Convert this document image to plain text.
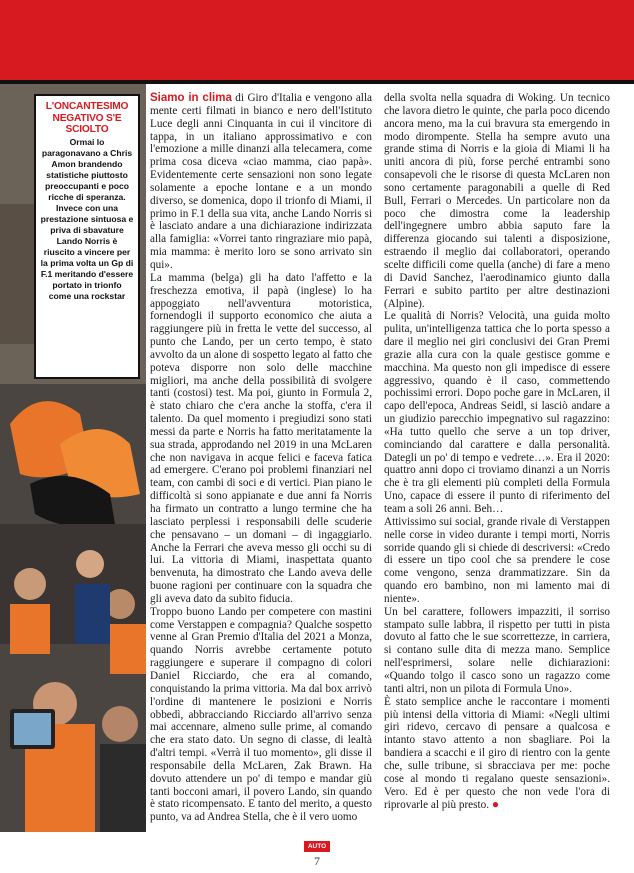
L'ONCANTESIMO NEGATIVO S'E SCIOLTO
Ormai lo paragonavano a Chris Amon brandendo statistiche piuttosto preoccupanti e poco ricche di speranza. Invece con una prestazione sintuosa e priva di sbavature Lando Norris è riuscito a vincere per la prima volta un Gp di F.1 meritando d'essere portato in trionfo come una rockstar

Siamo in clima di Giro d'Italia e vengono alla mente certi filmati in bianco e nero dell'Istituto Luce degli anni Cinquanta in cui il vincitore di tappa, in un italiano approssimativo e con l'emozione a mille dinanzi alla telecamera, come prima cosa diceva «ciao mamma, ciao papà». Evidentemente certe sensazioni non sono legate solamente a epoche lontane e a un mondo diverso, se domenica, dopo il trionfo di Miami, il primo in F.1 della sua vita, anche Lando Norris si è lasciato andare a una dichiarazione indirizzata alla famiglia: «Vorrei tanto ringraziare mio papà, mia mamma: è merito loro se sono arrivato sin qui».

La mamma (belga) gli ha dato l'affetto e la freschezza emotiva, il papà (inglese) lo ha appoggiato nell'avventura motoristica, fornendogli il supporto economico che aiuta a raggiungere più in fretta le vette del successo, al punto che Lando, per un certo tempo, è stato avvolto da un alone di sospetto legato al fatto che poteva disporre non solo delle macchine migliori, ma anche della possibilità di svolgere tanti (costosi) test. Ma poi, giunto in Formula 2, è stato chiaro che c'era anche la stoffa, c'era il talento. Da quel momento i pregiudizi sono stati messi da parte e Norris ha fatto meritatamente la sua strada, approdando nel 2019 in una McLaren che non navigava in acque felici e faceva fatica ad emergere. C'erano poi problemi finanziari nel team, con cambi di soci e di vertici. Pian piano le difficoltà si sono appianate e due anni fa Norris ha firmato un contratto a lungo termine che ha lasciato perplessi i responsabili delle scuderie che pensavano – un domani – di ingaggiarlo. Anche la Ferrari che aveva messo gli occhi su di lui. La vittoria di Miami, inaspettata quanto benvenuta, ha dimostrato che Lando aveva delle buone ragioni per continuare con la squadra che gli aveva dato da subito fiducia.

Troppo buono Lando per competere con mastini come Verstappen e compagnia? Qualche sospetto venne al Gran Premio d'Italia del 2021 a Monza, quando Norris avrebbe certamente potuto raggiungere e superare il compagno di colori Daniel Ricciardo, che era al comando, conquistando la prima vittoria. Ma dal box arrivò l'ordine di mantenere le posizioni e Norris obbedì, abbracciando Ricciardo all'arrivo senza mai accennare, almeno sulle prime, al comando che era stato dato. Un segno di classe, di lealtà d'altri tempi. «Verrà il tuo momento», gli disse il responsabile della McLaren, Zak Brawn. Ha dovuto attendere un po' di tempo e mandar giù tanti bocconi amari, il povero Lando, sin quando è stato ricompensato. E tanto del merito, a questo punto, va ad Andrea Stella, che è il vero uomo

della svolta nella squadra di Woking. Un tecnico che lavora dietro le quinte, che parla poco dicendo ancora meno, ma la cui bravura sta emergendo in modo dirompente. Stella ha sempre avuto una grande stima di Norris e la gioia di Miami li ha uniti ancora di più, forse perché entrambi sono consapevoli che le risorse di questa McLaren non sono certamente paragonabili a quelle di Red Bull, Ferrari o Mercedes. Un particolare non da poco che dimostra come la leadership dell'ingegnere umbro abbia saputo fare la differenza giocando sui talenti a disposizione, estraendo il meglio dai collaboratori, operando scelte difficili come quella (anche) di fare a meno di David Sanchez, l'aerodinamico giunto dalla Ferrari e subito partito per altre destinazioni (Alpine).

Le qualità di Norris? Velocità, una guida molto pulita, un'intelligenza tattica che lo porta spesso a dare il meglio nei giri conclusivi dei Gran Premi grazie alla cura con la quale gestisce gomme e macchina. Ma questo non gli impedisce di essere aggressivo, quando è il caso, commettendo pochissimi errori. Dopo poche gare in McLaren, il capo dell'epoca, Andreas Seidl, si lasciò andare a un giudizio parecchio impegnativo sul ragazzino: «Ha tutto quello che serve a un top driver, cominciando dal carattere e dalla personalità. Dategli un po' di tempo e vedrete…». Era il 2020: quattro anni dopo ci troviamo dinanzi a un Norris che è tra gli elementi più completi della Formula Uno, capace di essere il punto di riferimento del team a soli 26 anni. Beh…

Attivissimo sui social, grande rivale di Verstappen nelle corse in video durante i tempi morti, Norris sorride quando gli si chiede di descriversi: «Credo di essere un tipo cool che sa prendere le cose come vengono, senza drammatizzare. Sin da quando ero bambino, non mi lamento mai di niente».

Un bel carattere, followers impazziti, il sorriso stampato sulle labbra, il rispetto per tutti in pista dovuto al fatto che le sue scorrettezze, in carriera, si contano sulle dita di mezza mano. Semplice nell'esprimersi, solare nelle dichiarazioni: «Quando tolgo il casco sono un ragazzo come tanti altri, non un pilota di Formula Uno».

È stato semplice anche le raccontare i momenti più intensi della vittoria di Miami: «Negli ultimi giri ridevo, cercavo di pensare a qualcosa e intanto stavo attento a non sbagliare. Poi la bandiera a scacchi e il giro di rientro con la gente che, sulle tribune, si sbracciava per me: poche cose al mondo ti regalano queste sensazioni». Vero. Ed è per questo che non vede l'ora di riprovarle al più presto. ●

AUTO
7
